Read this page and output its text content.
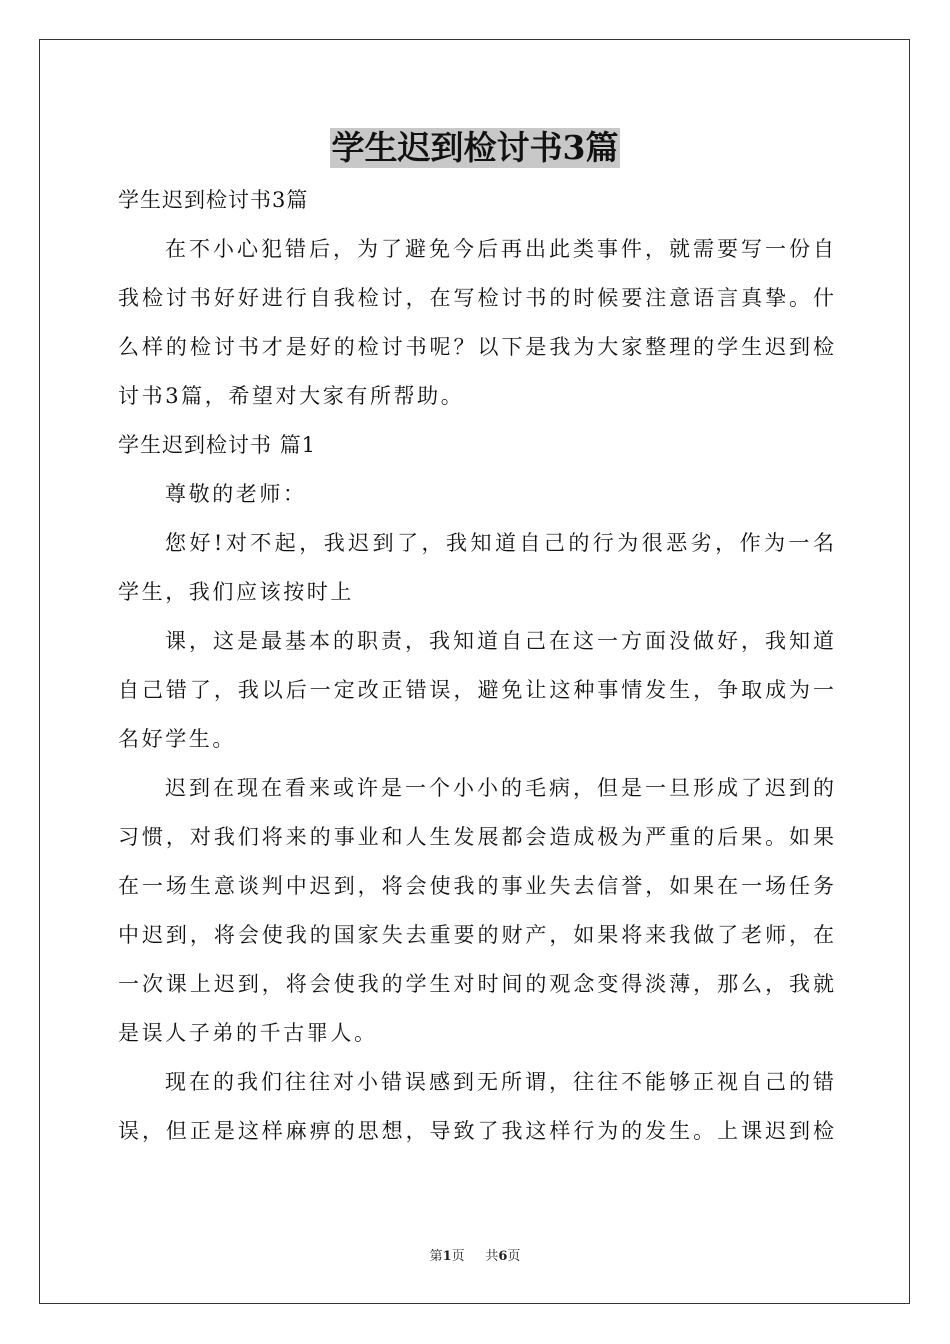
学生迟到检讨书3篇
学生迟到检讨书3篇
在不小心犯错后，为了避免今后再出此类事件，就需要写一份自
我检讨书好好进行自我检讨，在写检讨书的时候要注意语言真挚。什
么样的检讨书才是好的检讨书呢？以下是我为大家整理的学生迟到检
讨书3篇，希望对大家有所帮助。
学生迟到检讨书 篇1
尊敬的老师：
您好!对不起，我迟到了，我知道自己的行为很恶劣，作为一名
学生，我们应该按时上
课，这是最基本的职责，我知道自己在这一方面没做好，我知道
自己错了，我以后一定改正错误，避免让这种事情发生，争取成为一
名好学生。
迟到在现在看来或许是一个小小的毛病，但是一旦形成了迟到的
习惯，对我们将来的事业和人生发展都会造成极为严重的后果。如果
在一场生意谈判中迟到，将会使我的事业失去信誉，如果在一场任务
中迟到，将会使我的国家失去重要的财产，如果将来我做了老师，在
一次课上迟到，将会使我的学生对时间的观念变得淡薄，那么，我就
是误人子弟的千古罪人。
现在的我们往往对小错误感到无所谓，往往不能够正视自己的错
误，但正是这样麻痹的思想，导致了我这样行为的发生。上课迟到检
第1页 共6页
